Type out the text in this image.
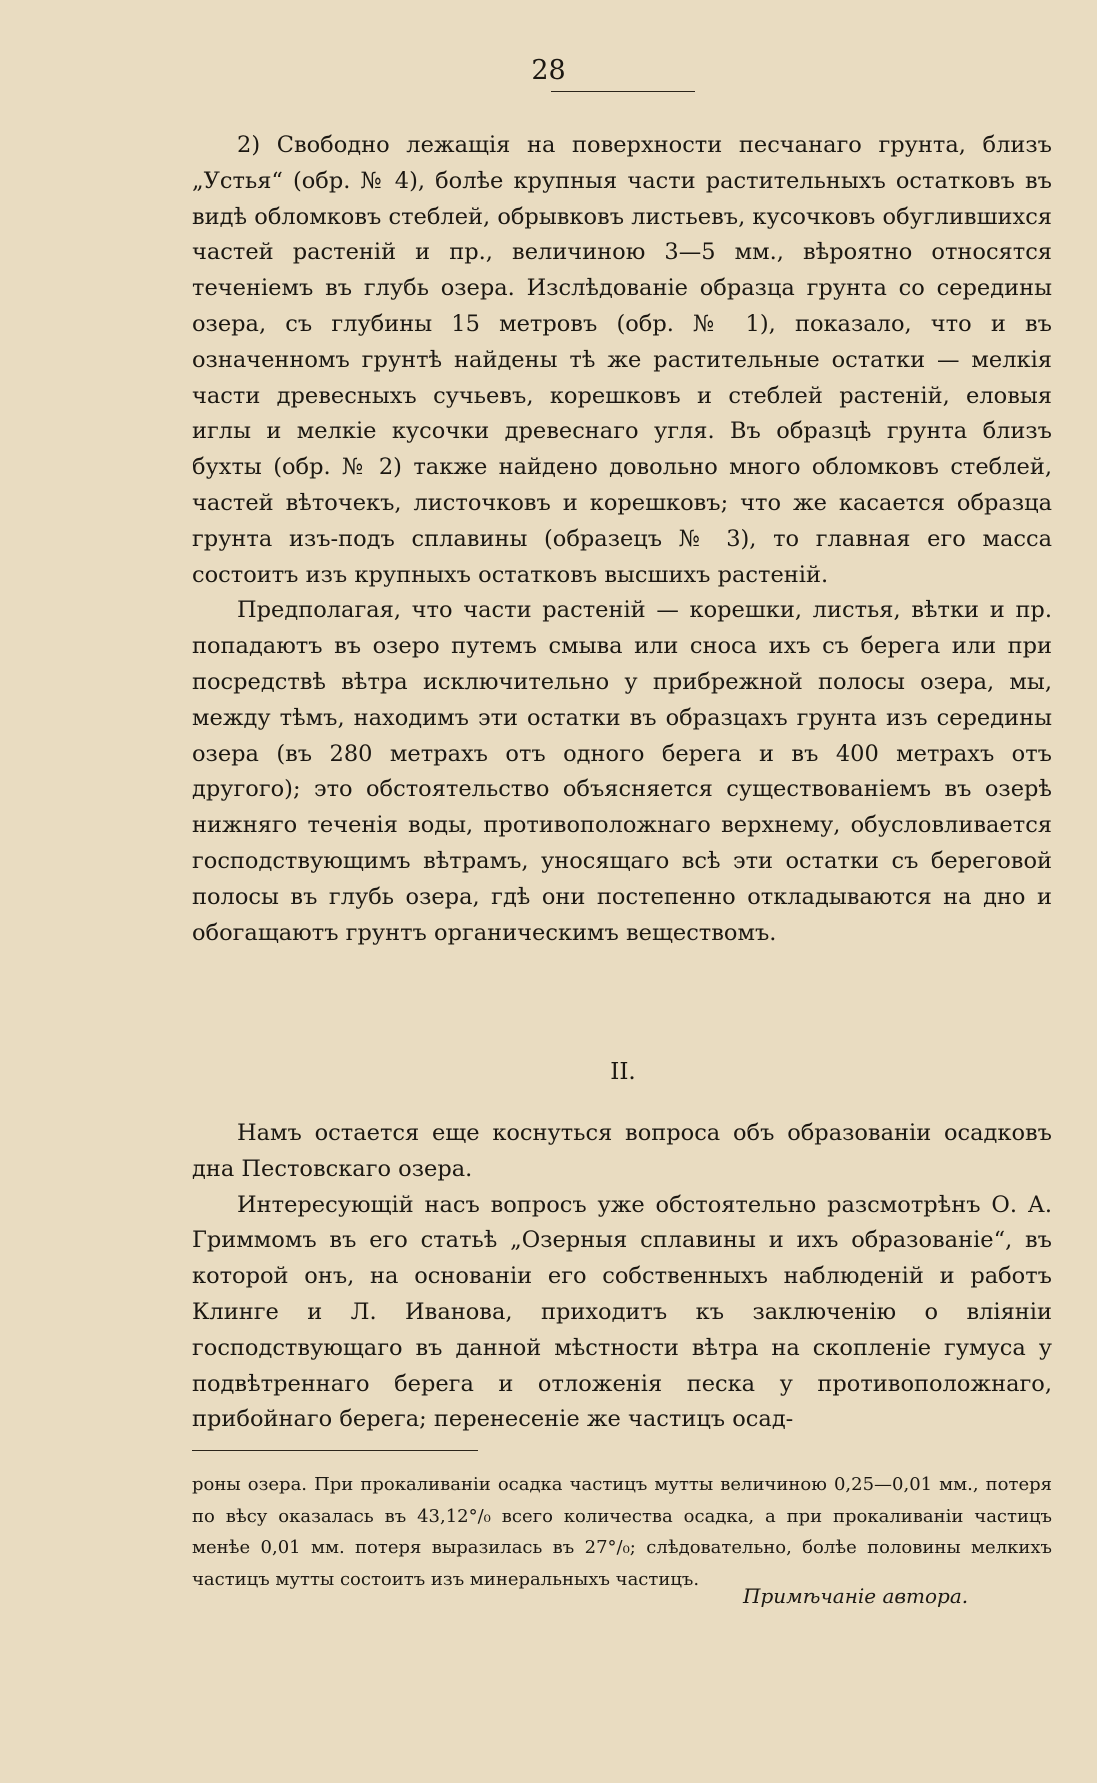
28

2) Свободно лежащія на поверхности песчанаго грунта, близъ „Устья“ (обр. № 4), болѣе крупныя части растительныхъ остатковъ въ видѣ обломковъ стеблей, обрывковъ листьевъ, кусочковъ обуглившихся частей растеній и пр., величиною 3—5 мм., вѣроятно относятся теченіемъ въ глубь озера. Изслѣдованіе образца грунта со середины озера, съ глубины 15 метровъ (обр. № 1), показало, что и въ означенномъ грунтѣ найдены тѣ же растительные остатки — мелкія части древесныхъ сучьевъ, корешковъ и стеблей растеній, еловыя иглы и мелкіе кусочки древеснаго угля. Въ образцѣ грунта близъ бухты (обр. № 2) также найдено довольно много обломковъ стеблей, частей вѣточекъ, листочковъ и корешковъ; что же касается образца грунта изъ-подъ сплавины (образецъ № 3), то главная его масса состоитъ изъ крупныхъ остатковъ высшихъ растеній.

Предполагая, что части растеній — корешки, листья, вѣтки и пр. попадаютъ въ озеро путемъ смыва или сноса ихъ съ берега или при посредствѣ вѣтра исключительно у прибрежной полосы озера, мы, между тѣмъ, находимъ эти остатки въ образцахъ грунта изъ середины озера (въ 280 метрахъ отъ одного берега и въ 400 метрахъ отъ другого); это обстоятельство объясняется существованіемъ въ озерѣ нижняго теченія воды, противоположнаго верхнему, обусловливается господствующимъ вѣтрамъ, уносящаго всѣ эти остатки съ береговой полосы въ глубь озера, гдѣ они постепенно откладываются на дно и обогащаютъ грунтъ органическимъ веществомъ.

II.

Намъ остается еще коснуться вопроса объ образованіи осадковъ дна Пестовскаго озера.

Интересующій насъ вопросъ уже обстоятельно разсмотрѣнъ О. А. Гриммомъ въ его статьѣ „Озерныя сплавины и ихъ образованіе“, въ которой онъ, на основаніи его собственныхъ наблюденій и работъ Клинге и Л. Иванова, приходитъ къ заключенію о вліяніи господствующаго въ данной мѣстности вѣтра на скопленіе гумуса у подвѣтреннаго берега и отложенія песка у противоположнаго, прибойнаго берега; перенесеніе же частицъ осад-

роны озера. При прокаливаніи осадка частицъ мутты величиною 0,25—0,01 мм., потеря по вѣсу оказалась въ 43,12°/₀ всего количества осадка, а при прокаливаніи частицъ менѣе 0,01 мм. потеря выразилась въ 27°/₀; слѣдовательно, болѣе половины мелкихъ частицъ мутты состоитъ изъ минеральныхъ частицъ.

Примѣчаніе автора.
